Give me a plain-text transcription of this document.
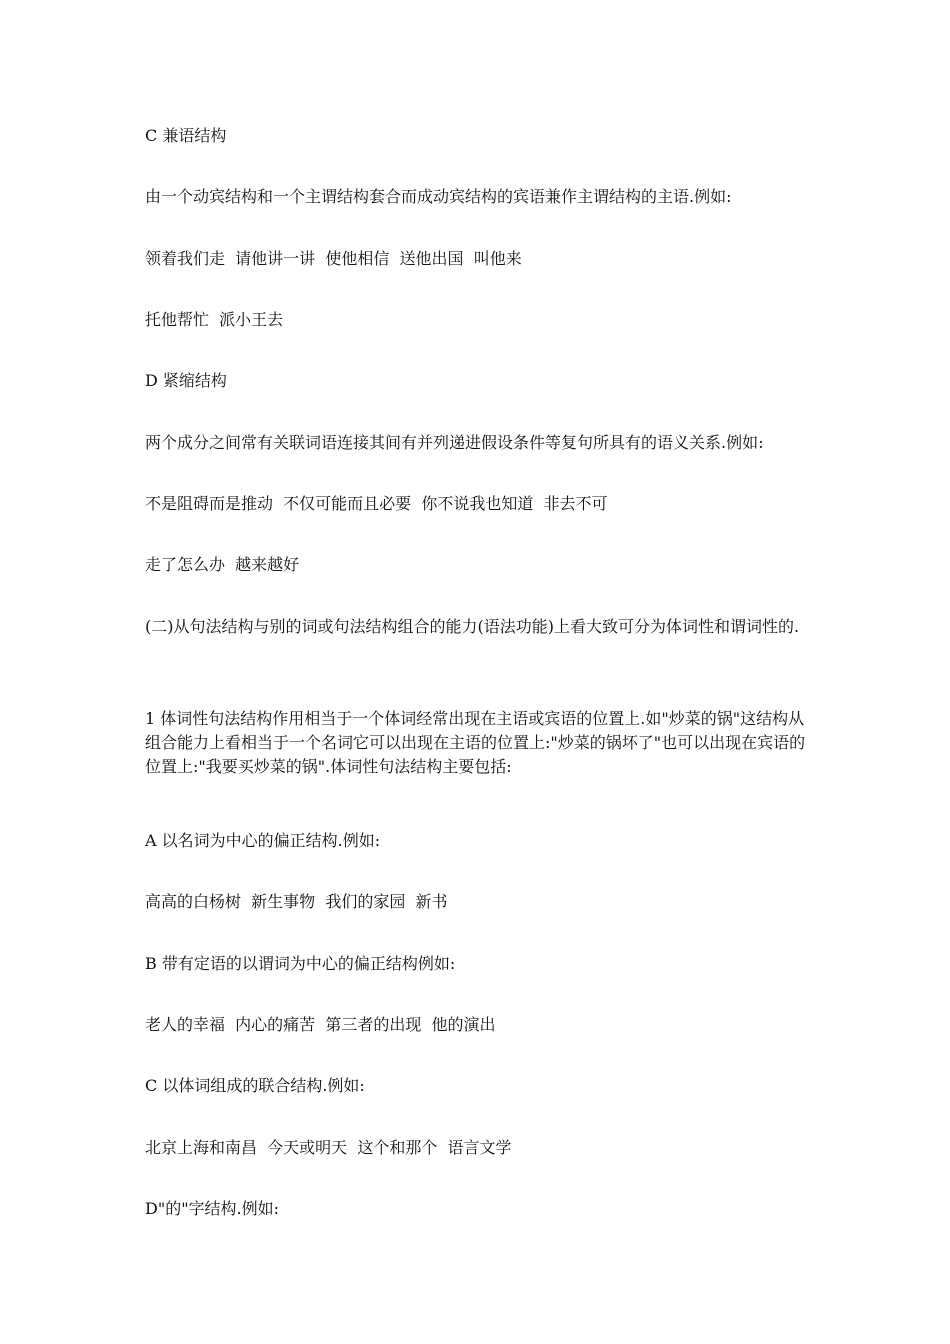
C 兼语结构

由一个动宾结构和一个主谓结构套合而成动宾结构的宾语兼作主谓结构的主语.例如:

领着我们走  请他讲一讲  使他相信  送他出国  叫他来

托他帮忙  派小王去

D 紧缩结构

两个成分之间常有关联词语连接其间有并列递进假设条件等复句所具有的语义关系.例如:

不是阻碍而是推动  不仅可能而且必要  你不说我也知道  非去不可

走了怎么办  越来越好

(二)从句法结构与别的词或句法结构组合的能力(语法功能)上看大致可分为体词性和谓词性的.

1 体词性句法结构作用相当于一个体词经常出现在主语或宾语的位置上.如"炒菜的锅"这结构从组合能力上看相当于一个名词它可以出现在主语的位置上:"炒菜的锅坏了"也可以出现在宾语的位置上:"我要买炒菜的锅".体词性句法结构主要包括:

A 以名词为中心的偏正结构.例如:

高高的白杨树  新生事物  我们的家园  新书

B 带有定语的以谓词为中心的偏正结构例如:

老人的幸福  内心的痛苦  第三者的出现  他的演出

C 以体词组成的联合结构.例如:

北京上海和南昌  今天或明天  这个和那个  语言文学

D"的"字结构.例如:
